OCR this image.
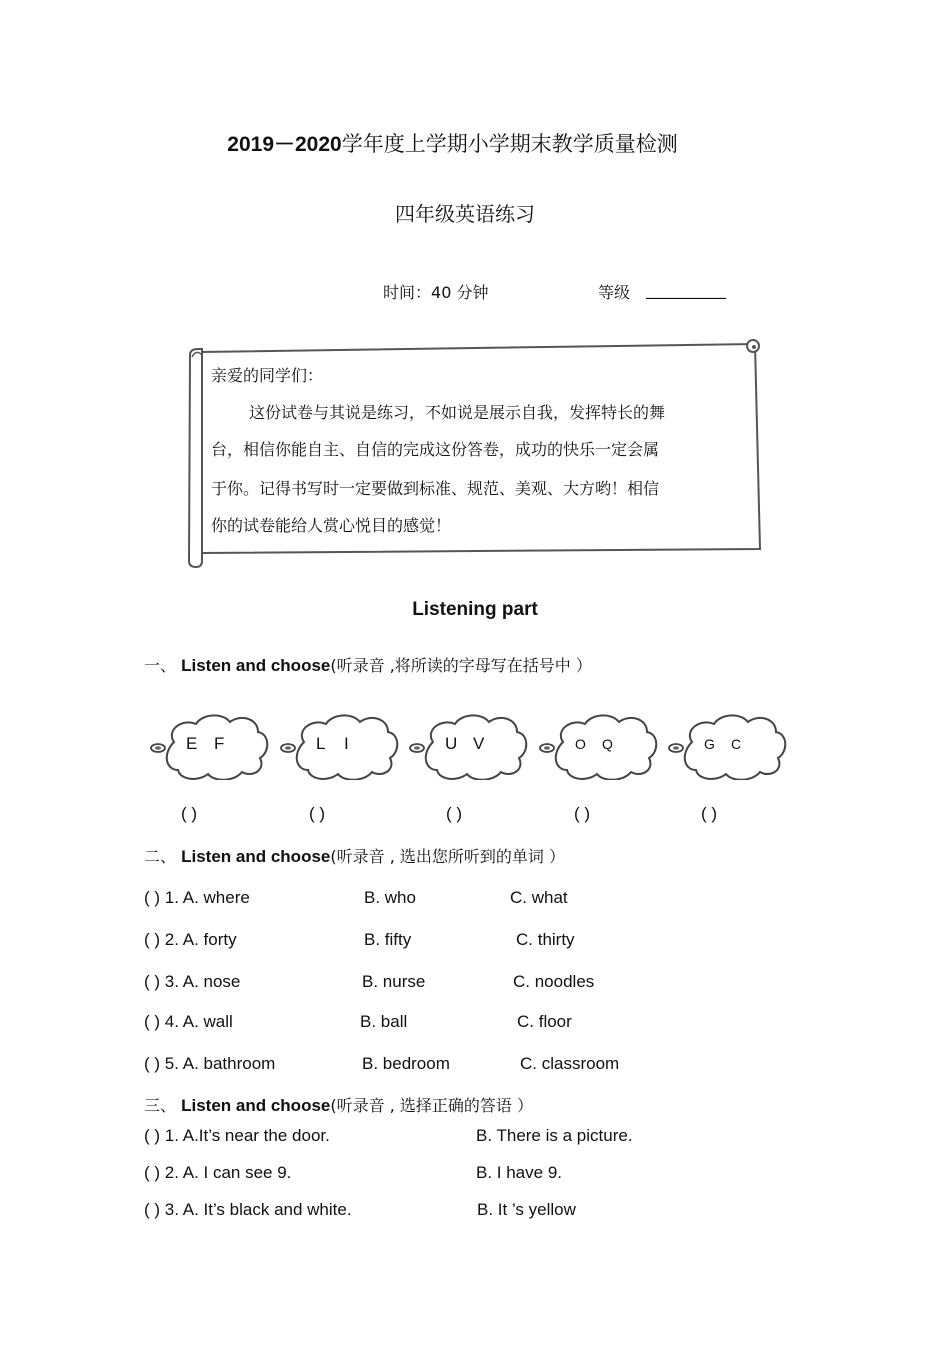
2019－2020学年度上学期小学期末教学质量检测
四年级英语练习
时间：40 分钟	等级 __________
亲爱的同学们：
这份试卷与其说是练习，不如说是展示自我，发挥特长的舞
台，相信你能自主、自信的完成这份答卷，成功的快乐一定会属
于你。记得书写时一定要做到标准、规范、美观、大方哟！相信
你的试卷能给人赏心悦目的感觉！
Listening part
一、 Listen and choose(听录音 ,将所读的字母写在括号中 ）
E F	L I	U V	O Q	G C
( )	( )	( )	( )	( )
二、 Listen and choose(听录音 , 选出您所听到的单词 ）
( ) 1. A. where	B. who	C. what
( ) 2. A. forty	B. fifty	C. thirty
( ) 3. A. nose	B. nurse	C. noodles
( ) 4. A. wall	B. ball	C. floor
( ) 5. A. bathroom	B. bedroom	C. classroom
三、 Listen and choose(听录音 , 选择正确的答语 ）
( ) 1. A.It’s near the door.	B. There is a picture.
( ) 2. A. I can see 9.	B. I have 9.
( ) 3. A. It’s black and white.	B. It ’s yellow
